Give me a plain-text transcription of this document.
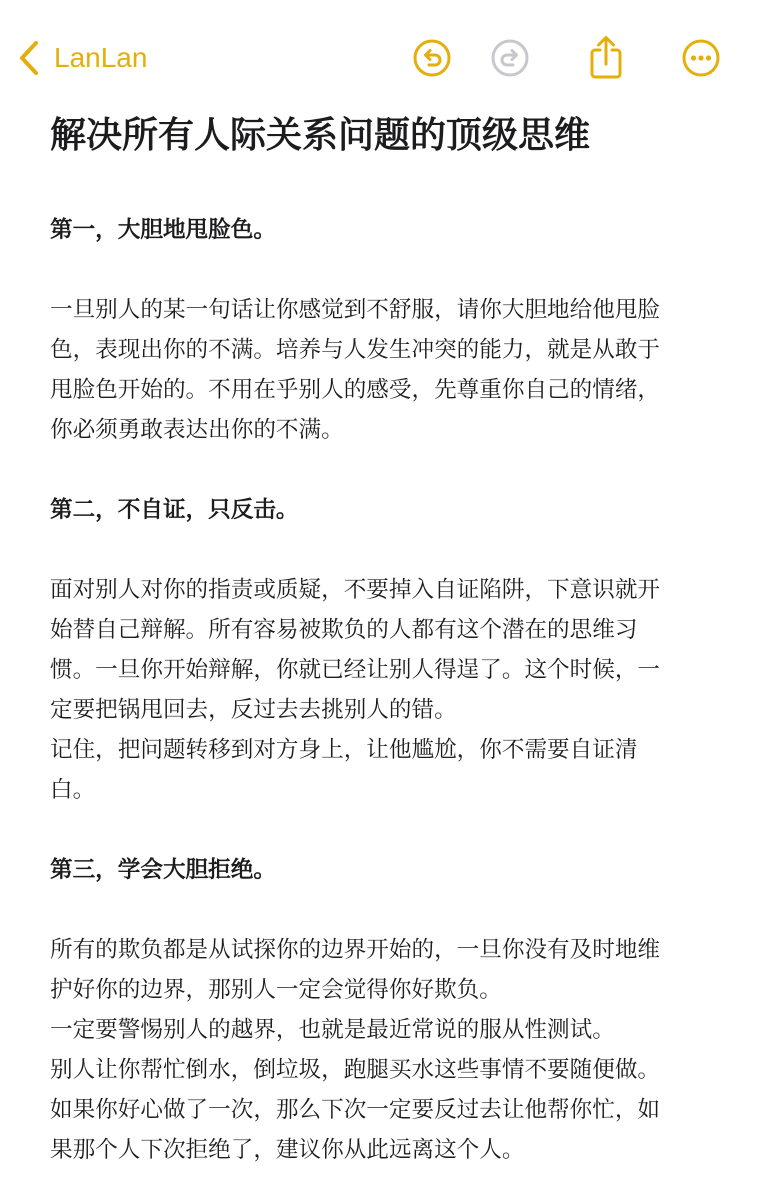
LanLan
解决所有人际关系问题的顶级思维

第一，大胆地甩脸色。

一旦别人的某一句话让你感觉到不舒服，请你大胆地给他甩脸

色，表现出你的不满。培养与人发生冲突的能力，就是从敢于

甩脸色开始的。不用在乎别人的感受，先尊重你自己的情绪，

你必须勇敢表达出你的不满。

第二，不自证，只反击。

面对别人对你的指责或质疑，不要掉入自证陷阱，下意识就开

始替自己辩解。所有容易被欺负的人都有这个潜在的思维习

惯。一旦你开始辩解，你就已经让别人得逞了。这个时候，一

定要把锅甩回去，反过去去挑别人的错。

记住，把问题转移到对方身上，让他尴尬，你不需要自证清

白。

第三，学会大胆拒绝。

所有的欺负都是从试探你的边界开始的，一旦你没有及时地维

护好你的边界，那别人一定会觉得你好欺负。

一定要警惕别人的越界，也就是最近常说的服从性测试。

别人让你帮忙倒水，倒垃圾，跑腿买水这些事情不要随便做。

如果你好心做了一次，那么下次一定要反过去让他帮你忙，如

果那个人下次拒绝了，建议你从此远离这个人。
